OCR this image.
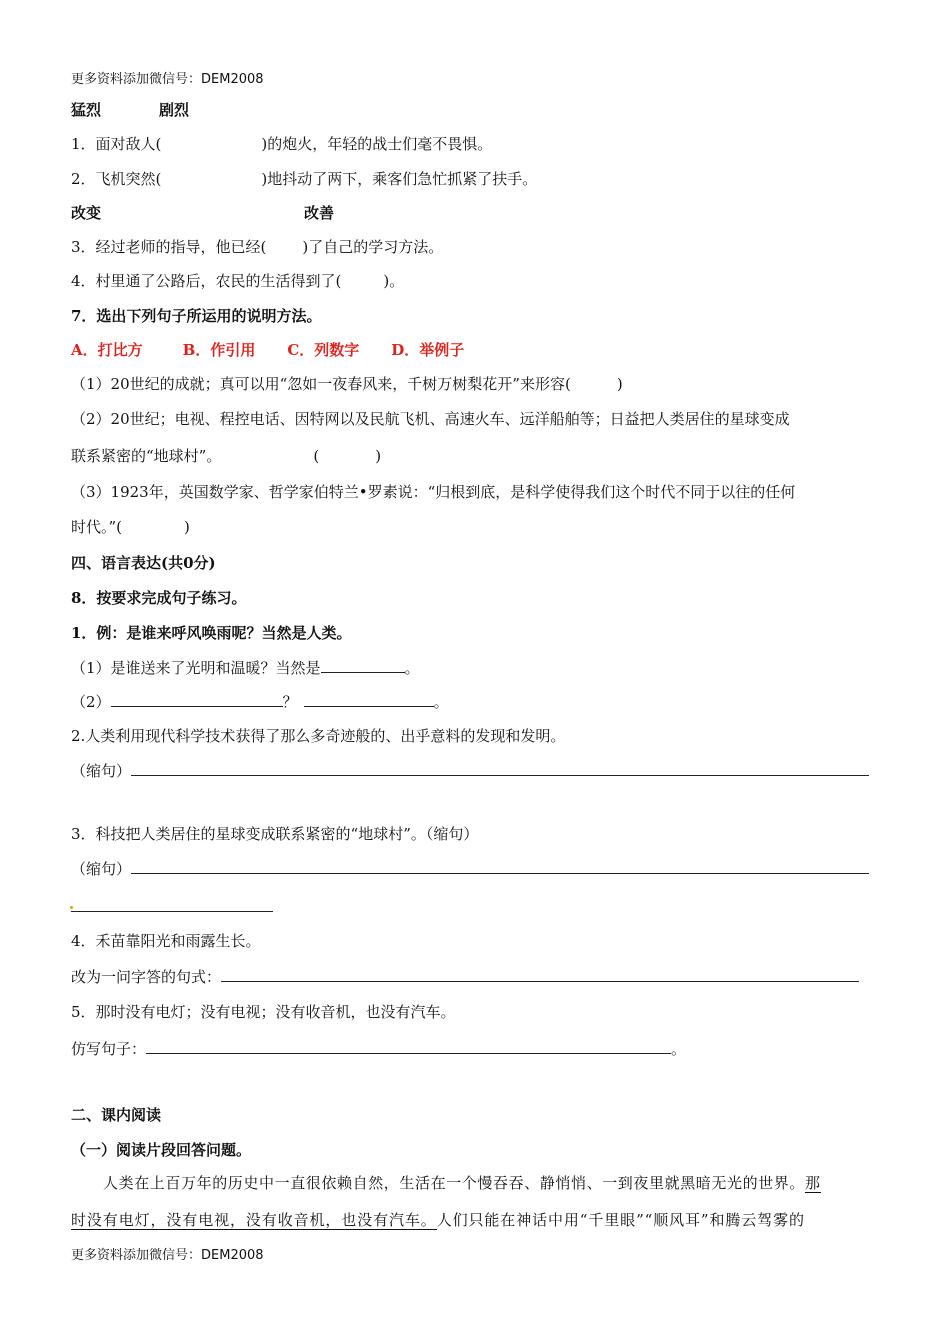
更多资料添加微信号：DEM2008
猛烈	剧烈
1．面对敌人(	)的炮火，年轻的战士们毫不畏惧。
2．飞机突然(	)地抖动了两下，乘客们急忙抓紧了扶手。
改变	改善
3．经过老师的指导，他已经( )了自己的学习方法。
4．村里通了公路后，农民的生活得到了(	)。
7．选出下列句子所运用的说明方法。
A．打比方	B．作引用 C．列数字 D．举例子
（1）20世纪的成就；真可以用“忽如一夜春风来，千树万树梨花开”来形容(	)
（2）20世纪；电视、程控电话、因特网以及民航飞机、高速火车、远洋船舶等；日益把人类居住的星球变成
联系紧密的“地球村”。	(	)
（3）1923年，英国数学家、哲学家伯特兰•罗素说：“归根到底，是科学使得我们这个时代不同于以往的任何
时代。”(	)
四、语言表达(共0分)
8．按要求完成句子练习。
1．例：是谁来呼风唤雨呢？当然是人类。
（1）是谁送来了光明和温暖？当然是	。
（2）	？	。
2.人类利用现代科学技术获得了那么多奇迹般的、出乎意料的发现和发明。
（缩句）
3．科技把人类居住的星球变成联系紧密的“地球村”。（缩句）
（缩句）
4．禾苗靠阳光和雨露生长。
改为一问字答的句式：
5．那时没有电灯；没有电视；没有收音机，也没有汽车。
仿写句子：	。
二、课内阅读
（一）阅读片段回答问题。
人类在上百万年的历史中一直很依赖自然，生活在一个慢吞吞、静悄悄、一到夜里就黑暗无光的世界。那
时没有电灯，没有电视，没有收音机，也没有汽车。人们只能在神话中用“千里眼”“顺风耳”和腾云驾雾的
更多资料添加微信号：DEM2008
